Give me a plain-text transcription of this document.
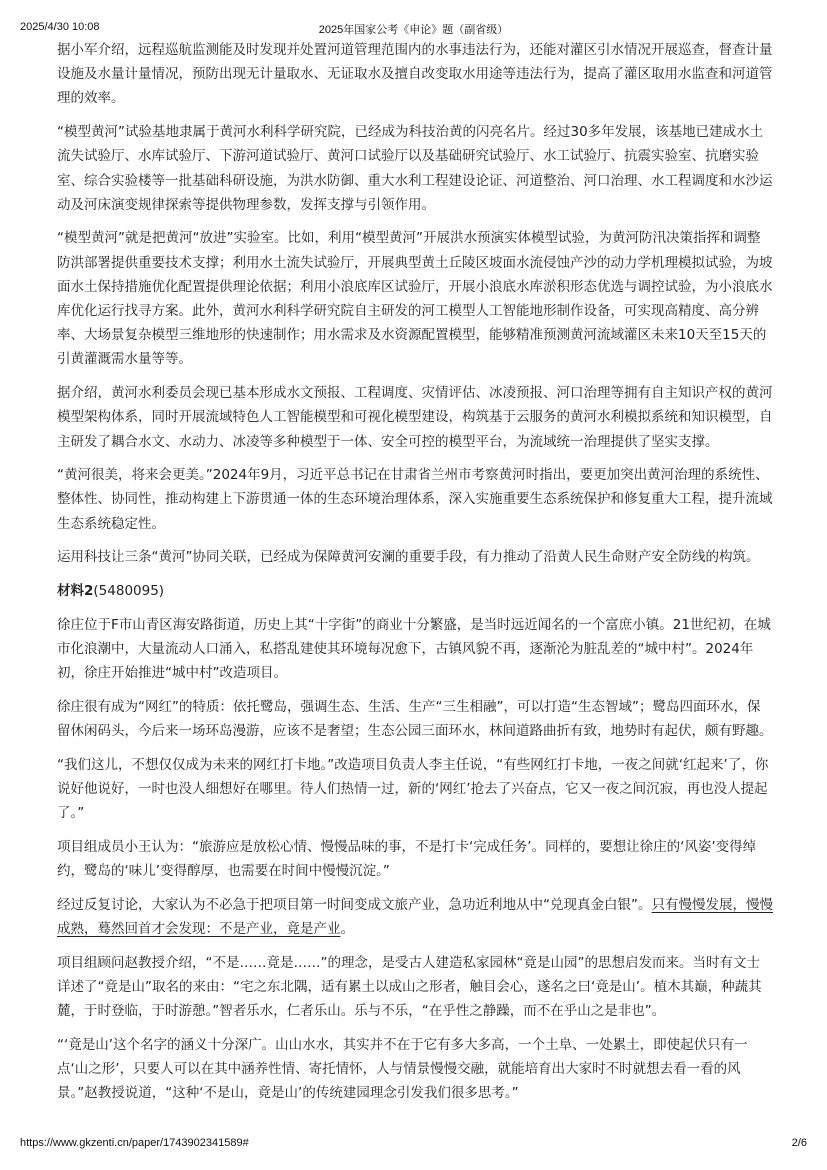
2025/4/30 10:08	2025年国家公考《申论》题（副省级）

据小军介绍，远程巡航监测能及时发现并处置河道管理范围内的水事违法行为，还能对灌区引水情况开展巡查，督查计量设施及水量计量情况，预防出现无计量取水、无证取水及擅自改变取水用途等违法行为，提高了灌区取用水监查和河道管理的效率。

“模型黄河”试验基地隶属于黄河水利科学研究院，已经成为科技治黄的闪亮名片。经过30多年发展，该基地已建成水土流失试验厅、水库试验厅、下游河道试验厅、黄河口试验厅以及基础研究试验厅、水工试验厅、抗震实验室、抗磨实验室、综合实验楼等一批基础科研设施，为洪水防御、重大水利工程建设论证、河道整治、河口治理、水工程调度和水沙运动及河床演变规律探索等提供物理参数，发挥支撑与引领作用。

“模型黄河”就是把黄河“放进”实验室。比如，利用“模型黄河”开展洪水预演实体模型试验，为黄河防汛决策指挥和调整防洪部署提供重要技术支撑；利用水土流失试验厅，开展典型黄土丘陵区坡面水流侵蚀产沙的动力学机理模拟试验，为坡面水土保持措施优化配置提供理论依据；利用小浪底库区试验厅，开展小浪底水库淤积形态优选与调控试验，为小浪底水库优化运行找寻方案。此外，黄河水利科学研究院自主研发的河工模型人工智能地形制作设备，可实现高精度、高分辨率、大场景复杂模型三维地形的快速制作；用水需求及水资源配置模型，能够精准预测黄河流域灌区未来10天至15天的引黄灌溉需水量等等。

据介绍，黄河水利委员会现已基本形成水文预报、工程调度、灾情评估、冰凌预报、河口治理等拥有自主知识产权的黄河模型架构体系，同时开展流域特色人工智能模型和可视化模型建设，构筑基于云服务的黄河水利模拟系统和知识模型，自主研发了耦合水文、水动力、冰凌等多种模型于一体、安全可控的模型平台，为流域统一治理提供了坚实支撑。

“黄河很美，将来会更美。”2024年9月，习近平总书记在甘肃省兰州市考察黄河时指出，要更加突出黄河治理的系统性、整体性、协同性，推动构建上下游贯通一体的生态环境治理体系，深入实施重要生态系统保护和修复重大工程，提升流域生态系统稳定性。

运用科技让三条“黄河”协同关联，已经成为保障黄河安澜的重要手段，有力推动了沿黄人民生命财产安全防线的构筑。

材料2(5480095)

徐庄位于F市山青区海安路街道，历史上其“十字街”的商业十分繁盛，是当时远近闻名的一个富庶小镇。21世纪初，在城市化浪潮中，大量流动人口涌入，私搭乱建使其环境每况愈下，古镇风貌不再，逐渐沦为脏乱差的“城中村”。2024年初，徐庄开始推进“城中村”改造项目。

徐庄很有成为“网红”的特质：依托鹭岛，强调生态、生活、生产“三生相融”，可以打造“生态智域”；鹭岛四面环水，保留休闲码头，今后来一场环岛漫游，应该不是奢望；生态公园三面环水，林间道路曲折有致，地势时有起伏，颇有野趣。

“我们这儿，不想仅仅成为未来的网红打卡地。”改造项目负责人李主任说，“有些网红打卡地，一夜之间就‘红起来’了，你说好他说好，一时也没人细想好在哪里。待人们热情一过，新的‘网红’抢去了兴奋点，它又一夜之间沉寂，再也没人提起了。”

项目组成员小王认为：“旅游应是放松心情、慢慢品味的事，不是打卡‘完成任务’。同样的，要想让徐庄的‘风姿’变得绰约，鹭岛的‘味儿’变得醇厚，也需要在时间中慢慢沉淀。”

经过反复讨论，大家认为不必急于把项目第一时间变成文旅产业，急功近利地从中“兑现真金白银”。只有慢慢发展，慢慢成熟，蓦然回首才会发现：不是产业，竟是产业。

项目组顾问赵教授介绍，“不是……竟是……”的理念，是受古人建造私家园林“竟是山园”的思想启发而来。当时有文士详述了“竟是山”取名的来由：“宅之东北隅，适有累土以成山之形者，触目会心，遂名之曰‘竟是山’。植木其巅，种蔬其麓，于时登临，于时游憩。”智者乐水，仁者乐山。乐与不乐，“在乎性之静躁，而不在乎山之是非也”。

“‘竟是山’这个名字的涵义十分深广。山山水水，其实并不在于它有多大多高，一个土阜、一处累土，即使起伏只有一点‘山之形’，只要人可以在其中涵养性情、寄托情怀，人与情景慢慢交融，就能培育出大家时不时就想去看一看的风景。”赵教授说道，“这种‘不是山，竟是山’的传统建园理念引发我们很多思考。”

https://www.gkzenti.cn/paper/1743902341589#	2/6
